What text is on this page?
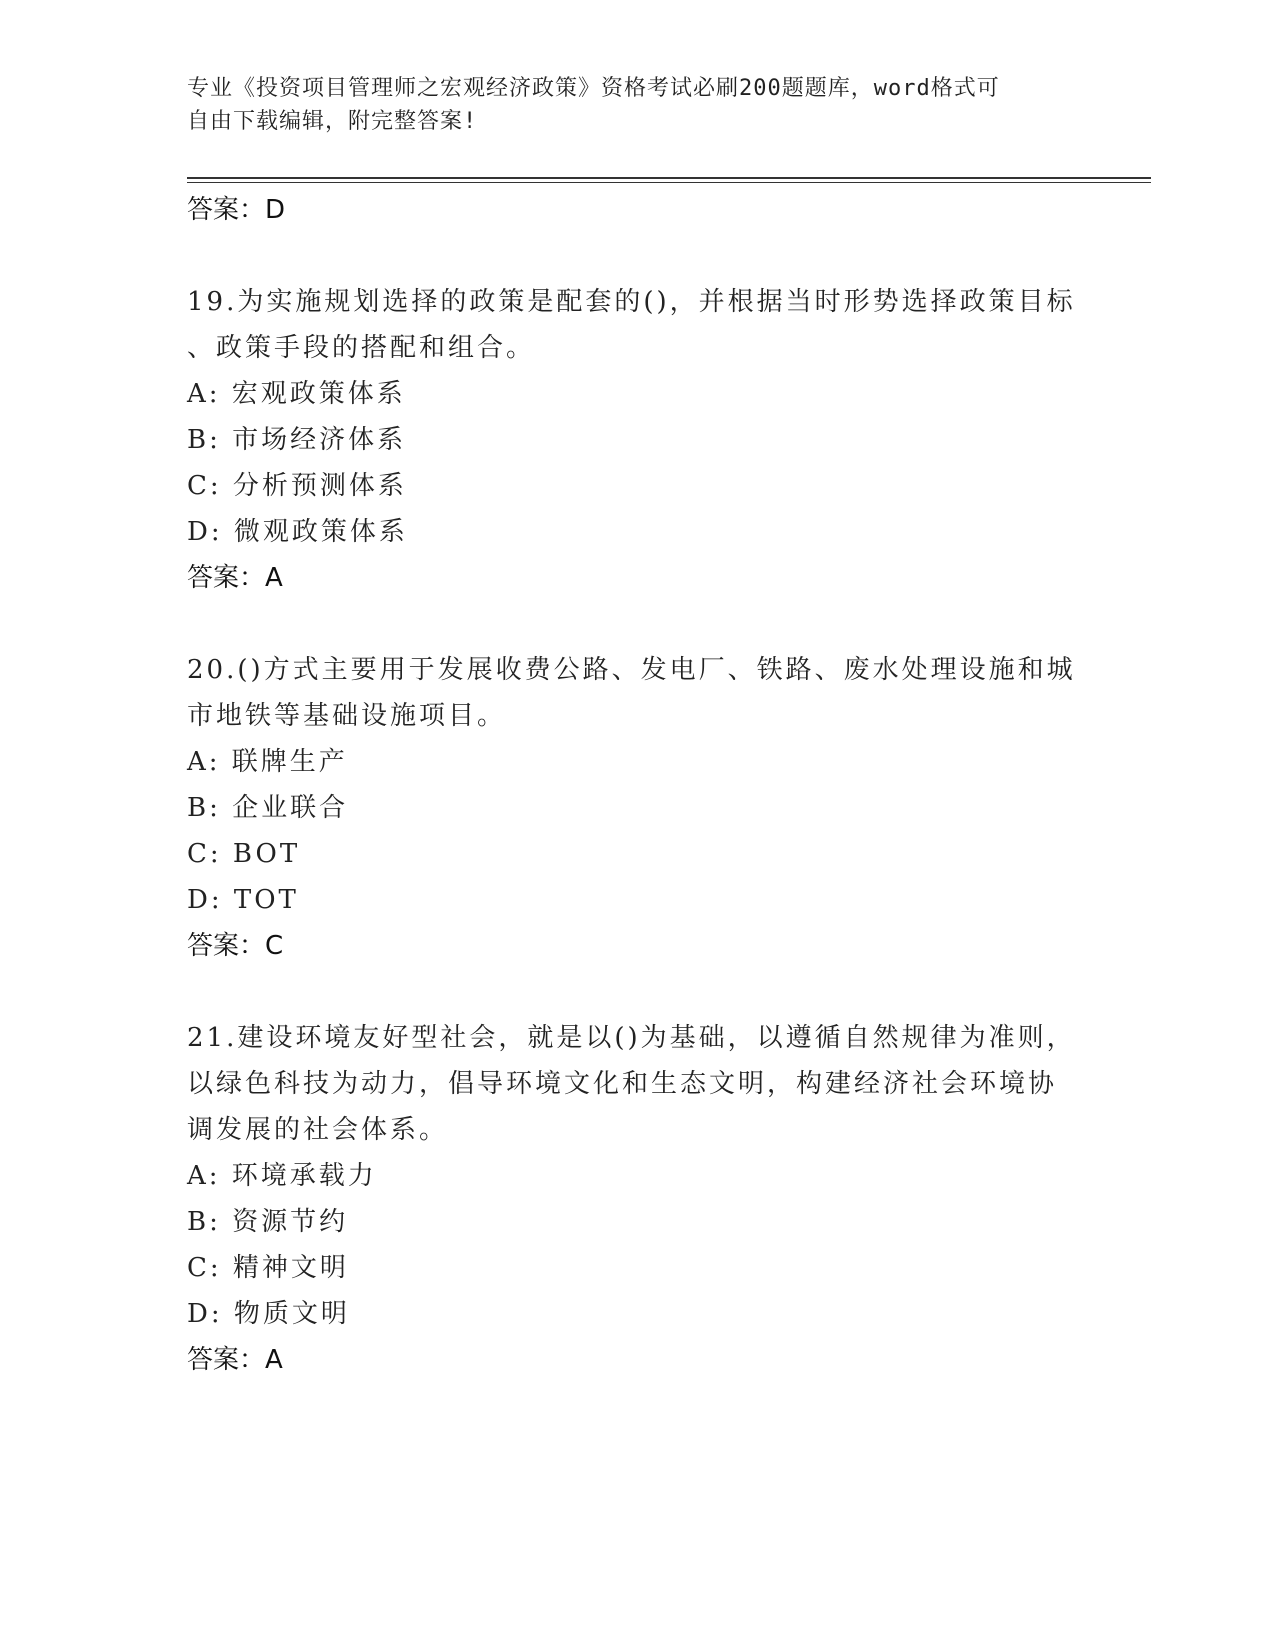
专业《投资项目管理师之宏观经济政策》资格考试必刷200题题库，word格式可
自由下载编辑，附完整答案!
答案：D
19.为实施规划选择的政策是配套的()，并根据当时形势选择政策目标
、政策手段的搭配和组合。
A: 宏观政策体系
B: 市场经济体系
C: 分析预测体系
D: 微观政策体系
答案：A
20.()方式主要用于发展收费公路、发电厂、铁路、废水处理设施和城
市地铁等基础设施项目。
A: 联牌生产
B: 企业联合
C: BOT
D: TOT
答案：C
21.建设环境友好型社会，就是以()为基础，以遵循自然规律为准则，
以绿色科技为动力，倡导环境文化和生态文明，构建经济社会环境协
调发展的社会体系。
A: 环境承载力
B: 资源节约
C: 精神文明
D: 物质文明
答案：A
